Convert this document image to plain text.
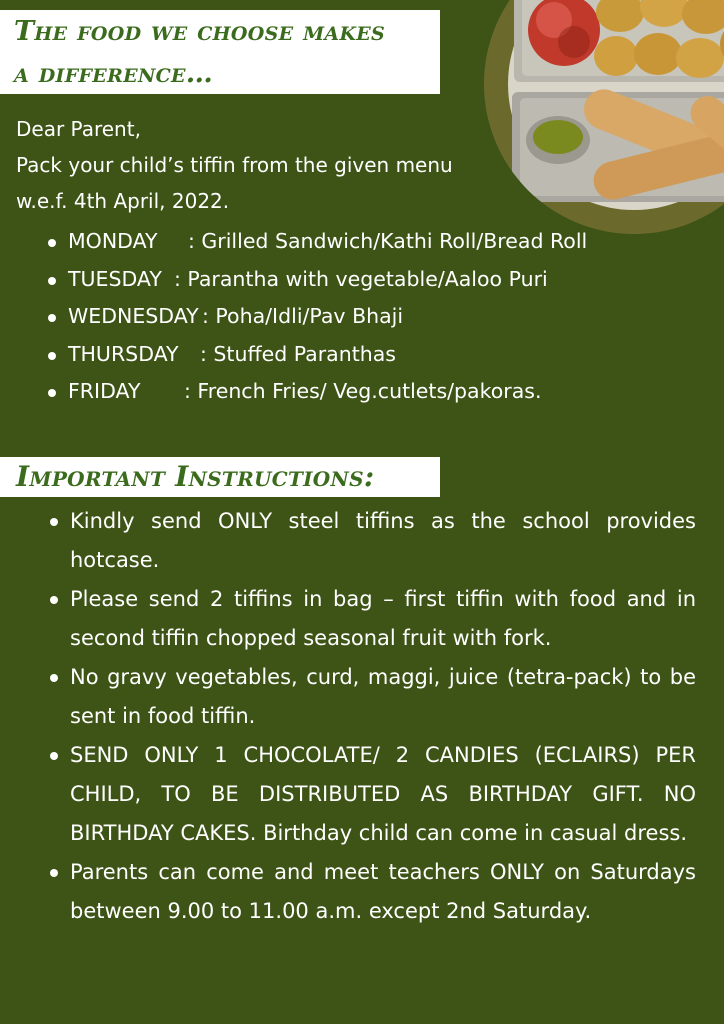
The food we choose makes
a difference…
Dear Parent,
Pack your child’s tiffin from the given menu
w.e.f. 4th April, 2022.
MONDAY : Grilled Sandwich/Kathi Roll/Bread Roll
TUESDAY : Parantha with vegetable/Aaloo Puri
WEDNESDAY : Poha/Idli/Pav Bhaji
THURSDAY : Stuffed Paranthas
FRIDAY : French Fries/ Veg.cutlets/pakoras.
Important Instructions:
Kindly send ONLY steel tiffins as the school provides hotcase.
Please send 2 tiffins in bag – first tiffin with food and in second tiffin chopped seasonal fruit with fork.
No gravy vegetables, curd, maggi, juice (tetra-pack) to be sent in food tiffin.
SEND ONLY 1 CHOCOLATE/ 2 CANDIES (ECLAIRS) PER CHILD, TO BE DISTRIBUTED AS BIRTHDAY GIFT. NO BIRTHDAY CAKES. Birthday child can come in casual dress.
Parents can come and meet teachers ONLY on Saturdays between 9.00 to 11.00 a.m. except 2nd Saturday.
